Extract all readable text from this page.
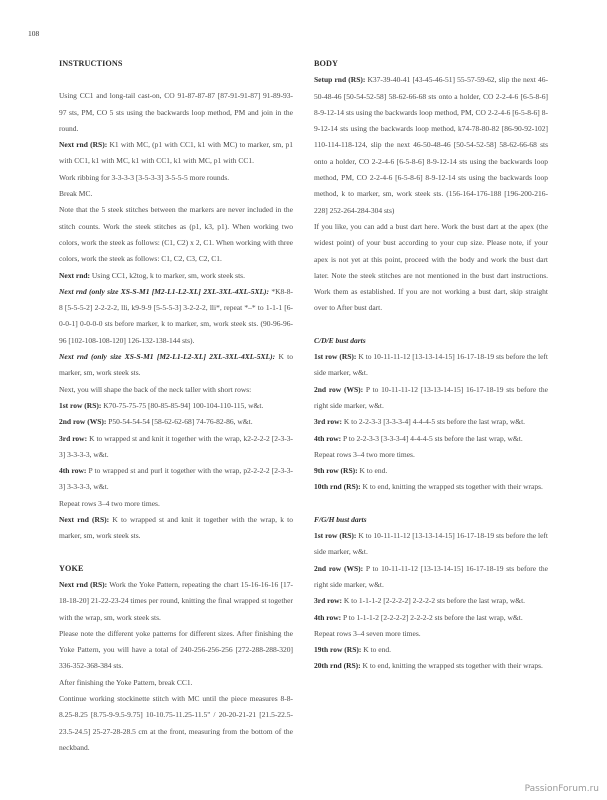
108
INSTRUCTIONS

Using CC1 and long-tail cast-on, CO 91-87-87-87 [87-91-91-87] 91-89-93-97 sts, PM, CO 5 sts using the backwards loop method, PM and join in the round.

Next rnd (RS): K1 with MC, (p1 with CC1, k1 with MC) to marker, sm, p1 with CC1, k1 with MC, k1 with CC1, k1 with MC, p1 with CC1.

Work ribbing for 3-3-3-3 [3-5-3-3] 3-5-5-5 more rounds.

Break MC.

Note that the 5 steek stitches between the markers are never included in the stitch counts. Work the steek stitches as (p1, k3, p1). When working two colors, work the steek as follows: (C1, C2) x 2, C1. When working with three colors, work the steek as follows: C1, C2, C3, C2, C1.

Next rnd: Using CC1, k2tog, k to marker, sm, work steek sts.

Next rnd (only size XS-S-M1 [M2-L1-L2-XL] 2XL-3XL-4XL-5XL): *K8-8-8 [5-5-5-2] 2-2-2-2, lli, k9-9-9 [5-5-5-3] 3-2-2-2, lli*, repeat *–* to 1-1-1 [6-0-0-1] 0-0-0-0 sts before marker, k to marker, sm, work steek sts. (90-96-96-96 [102-108-108-120] 126-132-138-144 sts).

Next rnd (only size XS-S-M1 [M2-L1-L2-XL] 2XL-3XL-4XL-5XL): K to marker, sm, work steek sts.

Next, you will shape the back of the neck taller with short rows:

1st row (RS): K70-75-75-75 [80-85-85-94] 100-104-110-115, w&t.

2nd row (WS): P50-54-54-54 [58-62-62-68] 74-76-82-86, w&t.

3rd row: K to wrapped st and knit it together with the wrap, k2-2-2-2 [2-3-3-3] 3-3-3-3, w&t.

4th row: P to wrapped st and purl it together with the wrap, p2-2-2-2 [2-3-3-3] 3-3-3-3, w&t.

Repeat rows 3–4 two more times.

Next rnd (RS): K to wrapped st and knit it together with the wrap, k to marker, sm, work steek sts.

YOKE

Next rnd (RS): Work the Yoke Pattern, repeating the chart 15-16-16-16 [17-18-18-20] 21-22-23-24 times per round, knitting the final wrapped st together with the wrap, sm, work steek sts.

Please note the different yoke patterns for different sizes. After finishing the Yoke Pattern, you will have a total of 240-256-256-256 [272-288-288-320] 336-352-368-384 sts.

After finishing the Yoke Pattern, break CC1.

Continue working stockinette stitch with MC until the piece measures 8-8-8.25-8.25 [8.75-9-9.5-9.75] 10-10.75-11.25-11.5" / 20-20-21-21 [21.5-22.5-23.5-24.5] 25-27-28-28.5 cm at the front, measuring from the bottom of the neckband.

BODY

Setup rnd (RS): K37-39-40-41 [43-45-46-51] 55-57-59-62, slip the next 46-50-48-46 [50-54-52-58] 58-62-66-68 sts onto a holder, CO 2-2-4-6 [6-5-8-6] 8-9-12-14 sts using the backwards loop method, PM, CO 2-2-4-6 [6-5-8-6] 8-9-12-14 sts using the backwards loop method, k74-78-80-82 [86-90-92-102] 110-114-118-124, slip the next 46-50-48-46 [50-54-52-58] 58-62-66-68 sts onto a holder, CO 2-2-4-6 [6-5-8-6] 8-9-12-14 sts using the backwards loop method, PM, CO 2-2-4-6 [6-5-8-6] 8-9-12-14 sts using the backwards loop method, k to marker, sm, work steek sts. (156-164-176-188 [196-200-216-228] 252-264-284-304 sts)

If you like, you can add a bust dart here. Work the bust dart at the apex (the widest point) of your bust according to your cup size. Please note, if your apex is not yet at this point, proceed with the body and work the bust dart later. Note the steek stitches are not mentioned in the bust dart instructions. Work them as established. If you are not working a bust dart, skip straight over to After bust dart.

C/D/E bust darts

1st row (RS): K to 10-11-11-12 [13-13-14-15] 16-17-18-19 sts before the left side marker, w&t.

2nd row (WS): P to 10-11-11-12 [13-13-14-15] 16-17-18-19 sts before the right side marker, w&t.

3rd row: K to 2-2-3-3 [3-3-3-4] 4-4-4-5 sts before the last wrap, w&t.

4th row: P to 2-2-3-3 [3-3-3-4] 4-4-4-5 sts before the last wrap, w&t.

Repeat rows 3–4 two more times.

9th row (RS): K to end.

10th rnd (RS): K to end, knitting the wrapped sts together with their wraps.

F/G/H bust darts

1st row (RS): K to 10-11-11-12 [13-13-14-15] 16-17-18-19 sts before the left side marker, w&t.

2nd row (WS): P to 10-11-11-12 [13-13-14-15] 16-17-18-19 sts before the right side marker, w&t.

3rd row: K to 1-1-1-2 [2-2-2-2] 2-2-2-2 sts before the last wrap, w&t.

4th row: P to 1-1-1-2 [2-2-2-2] 2-2-2-2 sts before the last wrap, w&t.

Repeat rows 3–4 seven more times.

19th row (RS): K to end.

20th rnd (RS): K to end, knitting the wrapped sts together with their wraps.

PassionForum.ru
